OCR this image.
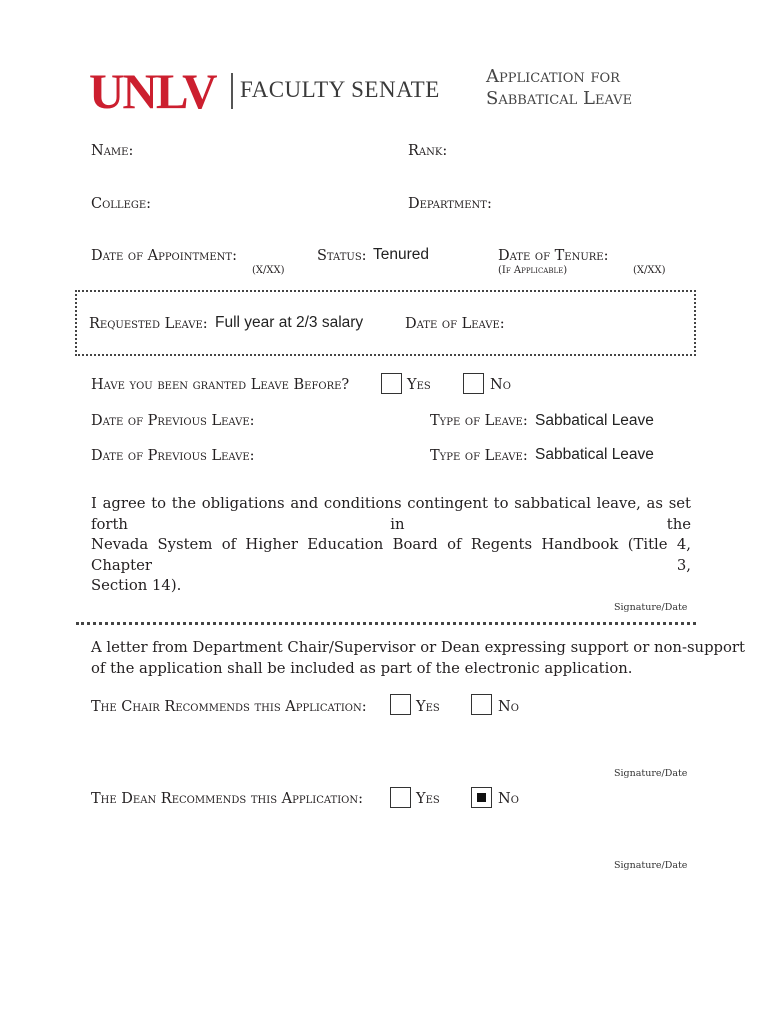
UNLV FACULTY SENATE
Application for
Sabbatical Leave
Name:	Rank:
College:	Department:
Date of Appointment:
(X/XX)
Status: Tenured	Date of Tenure:
(If Applicable)	(X/XX)
Requested Leave: Full year at 2/3 salary	Date of Leave:
Have you been granted Leave Before?	Yes	No
Date of Previous Leave:	Type of Leave: Sabbatical Leave
Date of Previous Leave:	Type of Leave: Sabbatical Leave
I agree to the obligations and conditions contingent to sabbatical leave, as set forth in the
Nevada System of Higher Education Board of Regents Handbook (Title 4, Chapter 3,
Section 14).
Signature/Date
A letter from Department Chair/Supervisor or Dean expressing support or non-support
of the application shall be included as part of the electronic application.
The Chair Recommends this Application:	Yes	No
Signature/Date
The Dean Recommends this Application:	Yes	No
Signature/Date
